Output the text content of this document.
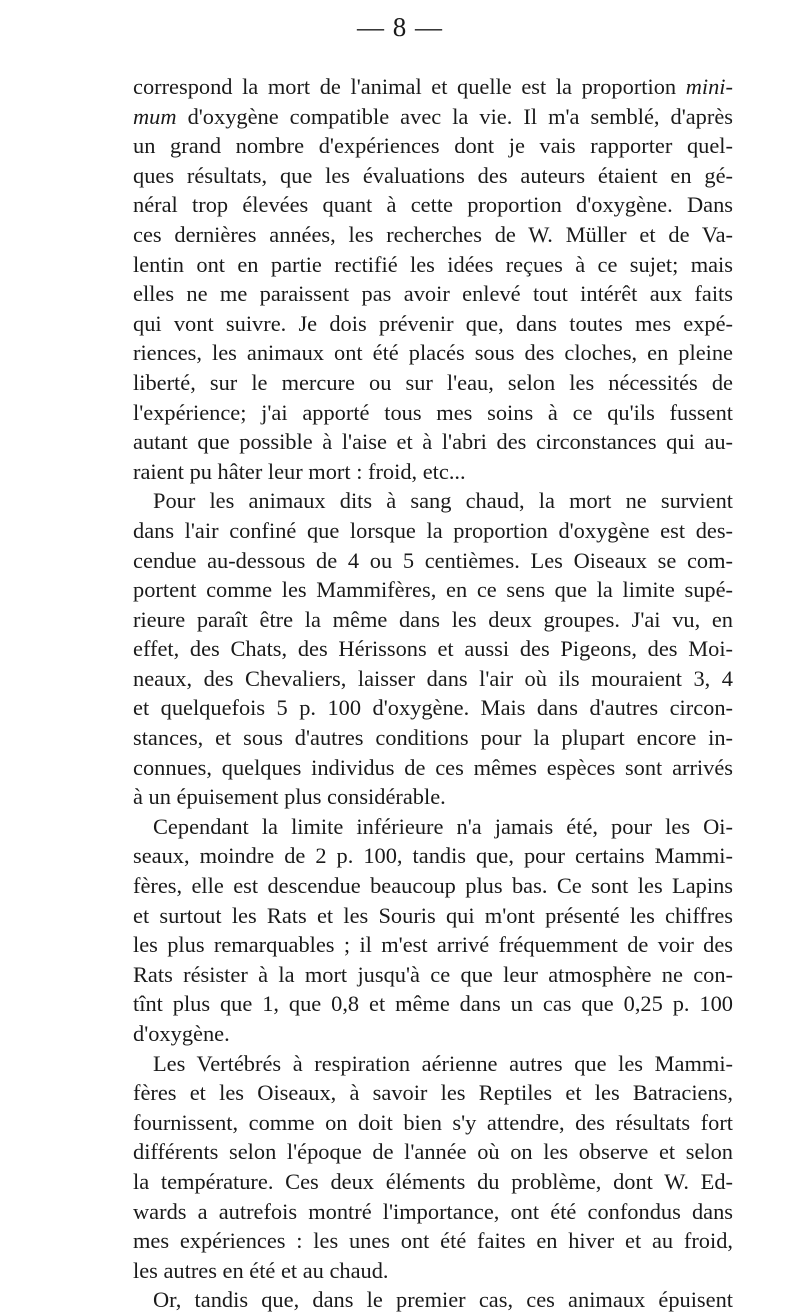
— 8 —
correspond la mort de l'animal et quelle est la proportion mini-
mum d'oxygène compatible avec la vie. Il m'a semblé, d'après
un grand nombre d'expériences dont je vais rapporter quel-
ques résultats, que les évaluations des auteurs étaient en gé-
néral trop élevées quant à cette proportion d'oxygène. Dans
ces dernières années, les recherches de W. Müller et de Va-
lentin ont en partie rectifié les idées reçues à ce sujet; mais
elles ne me paraissent pas avoir enlevé tout intérêt aux faits
qui vont suivre. Je dois prévenir que, dans toutes mes expé-
riences, les animaux ont été placés sous des cloches, en pleine
liberté, sur le mercure ou sur l'eau, selon les nécessités de
l'expérience; j'ai apporté tous mes soins à ce qu'ils fussent
autant que possible à l'aise et à l'abri des circonstances qui au-
raient pu hâter leur mort : froid, etc...
Pour les animaux dits à sang chaud, la mort ne survient
dans l'air confiné que lorsque la proportion d'oxygène est des-
cendue au-dessous de 4 ou 5 centièmes. Les Oiseaux se com-
portent comme les Mammifères, en ce sens que la limite supé-
rieure paraît être la même dans les deux groupes. J'ai vu, en
effet, des Chats, des Hérissons et aussi des Pigeons, des Moi-
neaux, des Chevaliers, laisser dans l'air où ils mouraient 3, 4
et quelquefois 5 p. 100 d'oxygène. Mais dans d'autres circon-
stances, et sous d'autres conditions pour la plupart encore in-
connues, quelques individus de ces mêmes espèces sont arrivés
à un épuisement plus considérable.
Cependant la limite inférieure n'a jamais été, pour les Oi-
seaux, moindre de 2 p. 100, tandis que, pour certains Mammi-
fères, elle est descendue beaucoup plus bas. Ce sont les Lapins
et surtout les Rats et les Souris qui m'ont présenté les chiffres
les plus remarquables ; il m'est arrivé fréquemment de voir des
Rats résister à la mort jusqu'à ce que leur atmosphère ne con-
tînt plus que 1, que 0,8 et même dans un cas que 0,25 p. 100
d'oxygène.
Les Vertébrés à respiration aérienne autres que les Mammi-
fères et les Oiseaux, à savoir les Reptiles et les Batraciens,
fournissent, comme on doit bien s'y attendre, des résultats fort
différents selon l'époque de l'année où on les observe et selon
la température. Ces deux éléments du problème, dont W. Ed-
wards a autrefois montré l'importance, ont été confondus dans
mes expériences : les unes ont été faites en hiver et au froid,
les autres en été et au chaud.
Or, tandis que, dans le premier cas, ces animaux épuisent
